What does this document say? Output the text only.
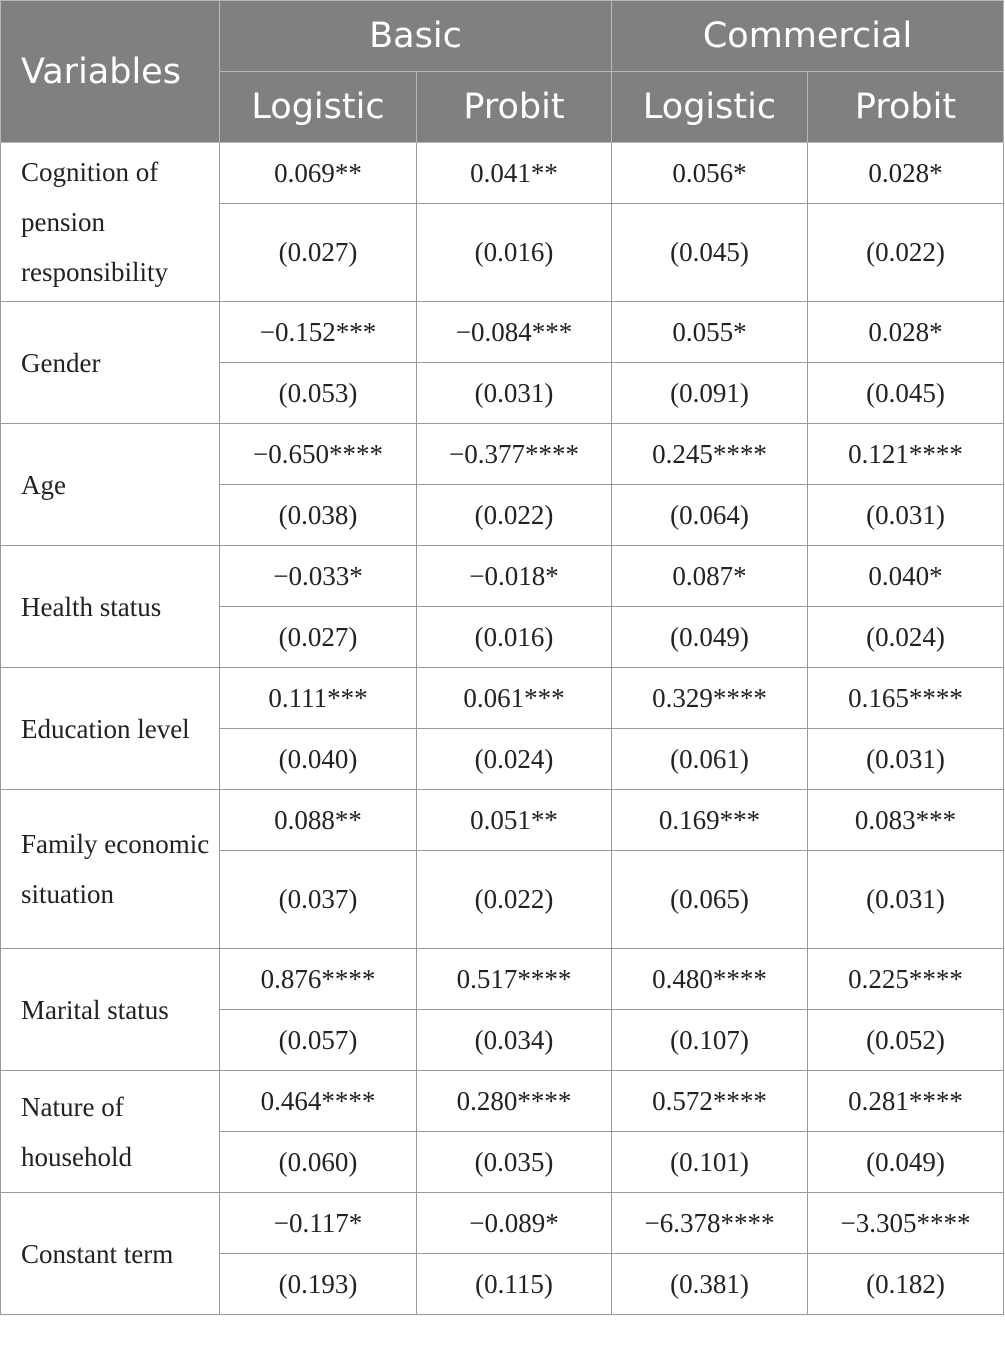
Variables	Basic		Commercial	
	Logistic	Probit	Logistic	Probit
Cognition of pension responsibility	0.069**	0.041**	0.056*	0.028*
	(0.027)	(0.016)	(0.045)	(0.022)
Gender	−0.152***	−0.084***	0.055*	0.028*
	(0.053)	(0.031)	(0.091)	(0.045)
Age	−0.650****	−0.377****	0.245****	0.121****
	(0.038)	(0.022)	(0.064)	(0.031)
Health status	−0.033*	−0.018*	0.087*	0.040*
	(0.027)	(0.016)	(0.049)	(0.024)
Education level	0.111***	0.061***	0.329****	0.165****
	(0.040)	(0.024)	(0.061)	(0.031)
Family economic situation	0.088**	0.051**	0.169***	0.083***
	(0.037)	(0.022)	(0.065)	(0.031)
Marital status	0.876****	0.517****	0.480****	0.225****
	(0.057)	(0.034)	(0.107)	(0.052)
Nature of household	0.464****	0.280****	0.572****	0.281****
	(0.060)	(0.035)	(0.101)	(0.049)
Constant term	−0.117*	−0.089*	−6.378****	−3.305****
	(0.193)	(0.115)	(0.381)	(0.182)
